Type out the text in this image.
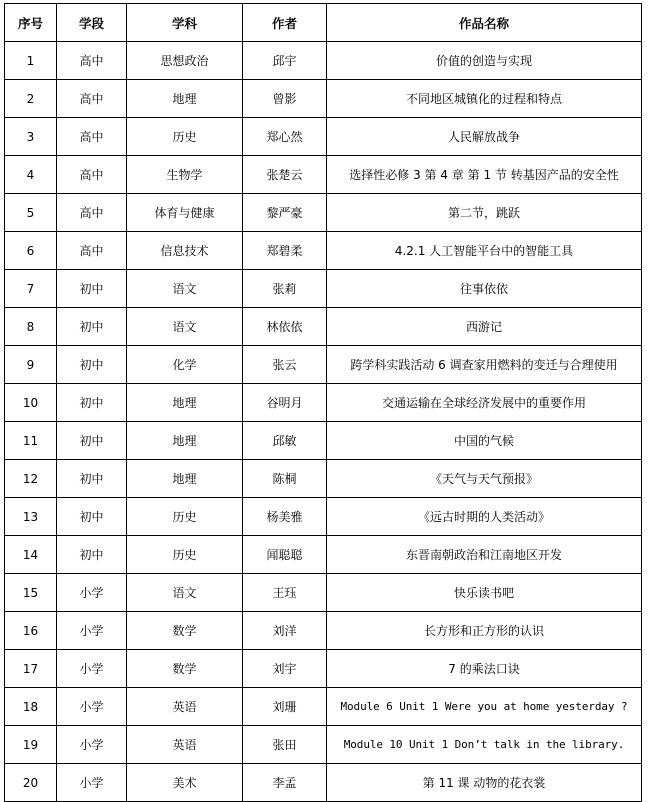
序号	学段	学科	作者	作品名称
1	高中	思想政治	邱宇	价值的创造与实现
2	高中	地理	曾影	不同地区城镇化的过程和特点
3	高中	历史	郑心然	人民解放战争
4	高中	生物学	张楚云	选择性必修 3 第 4 章 第 1 节 转基因产品的安全性
5	高中	体育与健康	黎严豪	第二节，跳跃
6	高中	信息技术	郑碧柔	4.2.1 人工智能平台中的智能工具
7	初中	语文	张莉	往事依依
8	初中	语文	林依依	西游记
9	初中	化学	张云	跨学科实践活动 6 调查家用燃料的变迁与合理使用
10	初中	地理	谷明月	交通运输在全球经济发展中的重要作用
11	初中	地理	邱敏	中国的气候
12	初中	地理	陈桐	《天气与天气预报》
13	初中	历史	杨美雅	《远古时期的人类活动》
14	初中	历史	闻聪聪	东晋南朝政治和江南地区开发
15	小学	语文	王珏	快乐读书吧
16	小学	数学	刘洋	长方形和正方形的认识
17	小学	数学	刘宇	7 的乘法口诀
18	小学	英语	刘珊	Module 6 Unit 1 Were you at home yesterday ?
19	小学	英语	张田	Module 10 Unit 1 Don’t talk in the library.
20	小学	美术	李孟	第 11 课 动物的花衣裳
